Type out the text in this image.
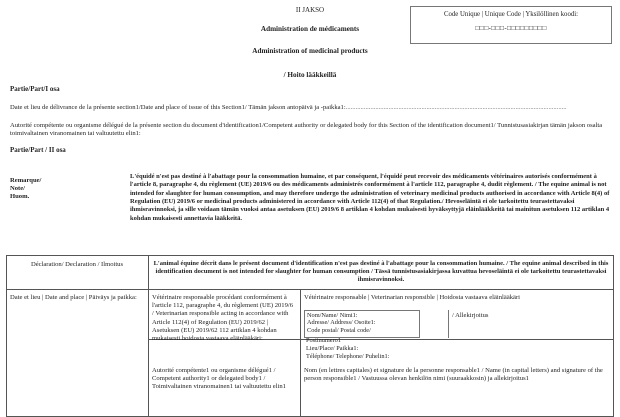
II JAKSO
Administration de médicaments
Administration of medicinal products
/ Hoito lääkkeillä
Code Unique | Unique Code | Yksilöllinen koodi:
□□□-□□□-□□□□□□□□□
Partie/Part/I osa
Date et lieu de délivrance de la présente section1/Date and place of issue of this Section1/ Tämän jakson antopäivä ja -paikka1:......................................................................................................................................
Autorité compétente ou organisme délégué de la présente section du document d'identification1/Competent authority or delegated body for this Section of the identification document1/ Tunnistusasiakirjan tämän jakson osalta toimivaltainen viranomainen tai valtuutettu elin1:
Partie/Part / II osa
Remarque/
Note/
Huom.
L'équidé n'est pas destiné à l'abattage pour la consommation humaine, et par conséquent, l'équidé peut recevoir des médicaments vétérinaires autorisés conformément à l'article 8, paragraphe 4, du règlement (UE) 2019/6 ou des médicaments administrés conformément à l'article 112, paragraphe 4, dudit règlement. / The equine animal is not intended for slaughter for human consumption, and may therefore undergo the administration of veterinary medicinal products authorised in accordance with Article 8(4) of Regulation (EU) 2019/6 or medicinal products administered in accordance with Article 112(4) of that Regulation./ Hevoseläintä ei ole tarkoitettu teurastettavaksi ihmisravinnoksi, ja sille voidaan tämän vuoksi antaa asetuksen (EU) 2019/6 8 artiklan 4 kohdan mukaisesti hyväksyttyjä eläinlääkkeitä tai mainitun asetuksen 112 artiklan 4 kohdan mukaisesti annettavia lääkkeitä.
Déclaration/ Declaration / Ilmoitus	L'animal équine décrit dans le présent document d'identification n'est pas destiné à l'abattage pour la consommation humaine. / The equine animal described in this identification document is not intended for slaughter for human consumption / Tässä tunnistusasiakirjassa kuvattua hevoseläintä ei ole tarkoitettu teurastettavaksi ihmisravinnoksi.
Date et lieu | Date and place | Päiväys ja paikka:	Vétérinaire responsable procédant conformément à l'article 112, paragraphe 4, du règlement (UE) 2019/6 / Veterinarian responsible acting in accordance with Article 112(4) of Regulation (EU) 2019/62 | Asetuksen (EU) 2019/62 112 artiklan 4 kohdan mukaisesti hoidosta vastaava eläinlääkäri:
Vétérinaire responsable | Veterinarian responsible | Hoidosta vastaava eläinlääkäri
Nom/Name/ Nimi1:
Adresse/ Address/ Osoite1:
Code postal/ Postal code/
Postinumero1
Lieu/Place/ Paikka1:
Téléphone/ Telephone/ Puhelin1:
/ Allekirjoitus
Autorité compétente1 ou organisme délégué1 / Competent authority1 or delegated body1 / Toimivaltainen viranomainen1 tai valtuutettu elin1
Nom (en lettres capitales) et signature de la personne responsable1 / Name (in capital letters) and signature of the person responsible1 / Vastuussa olevan henkilön nimi (suuraakkosin) ja allekirjoitus1
